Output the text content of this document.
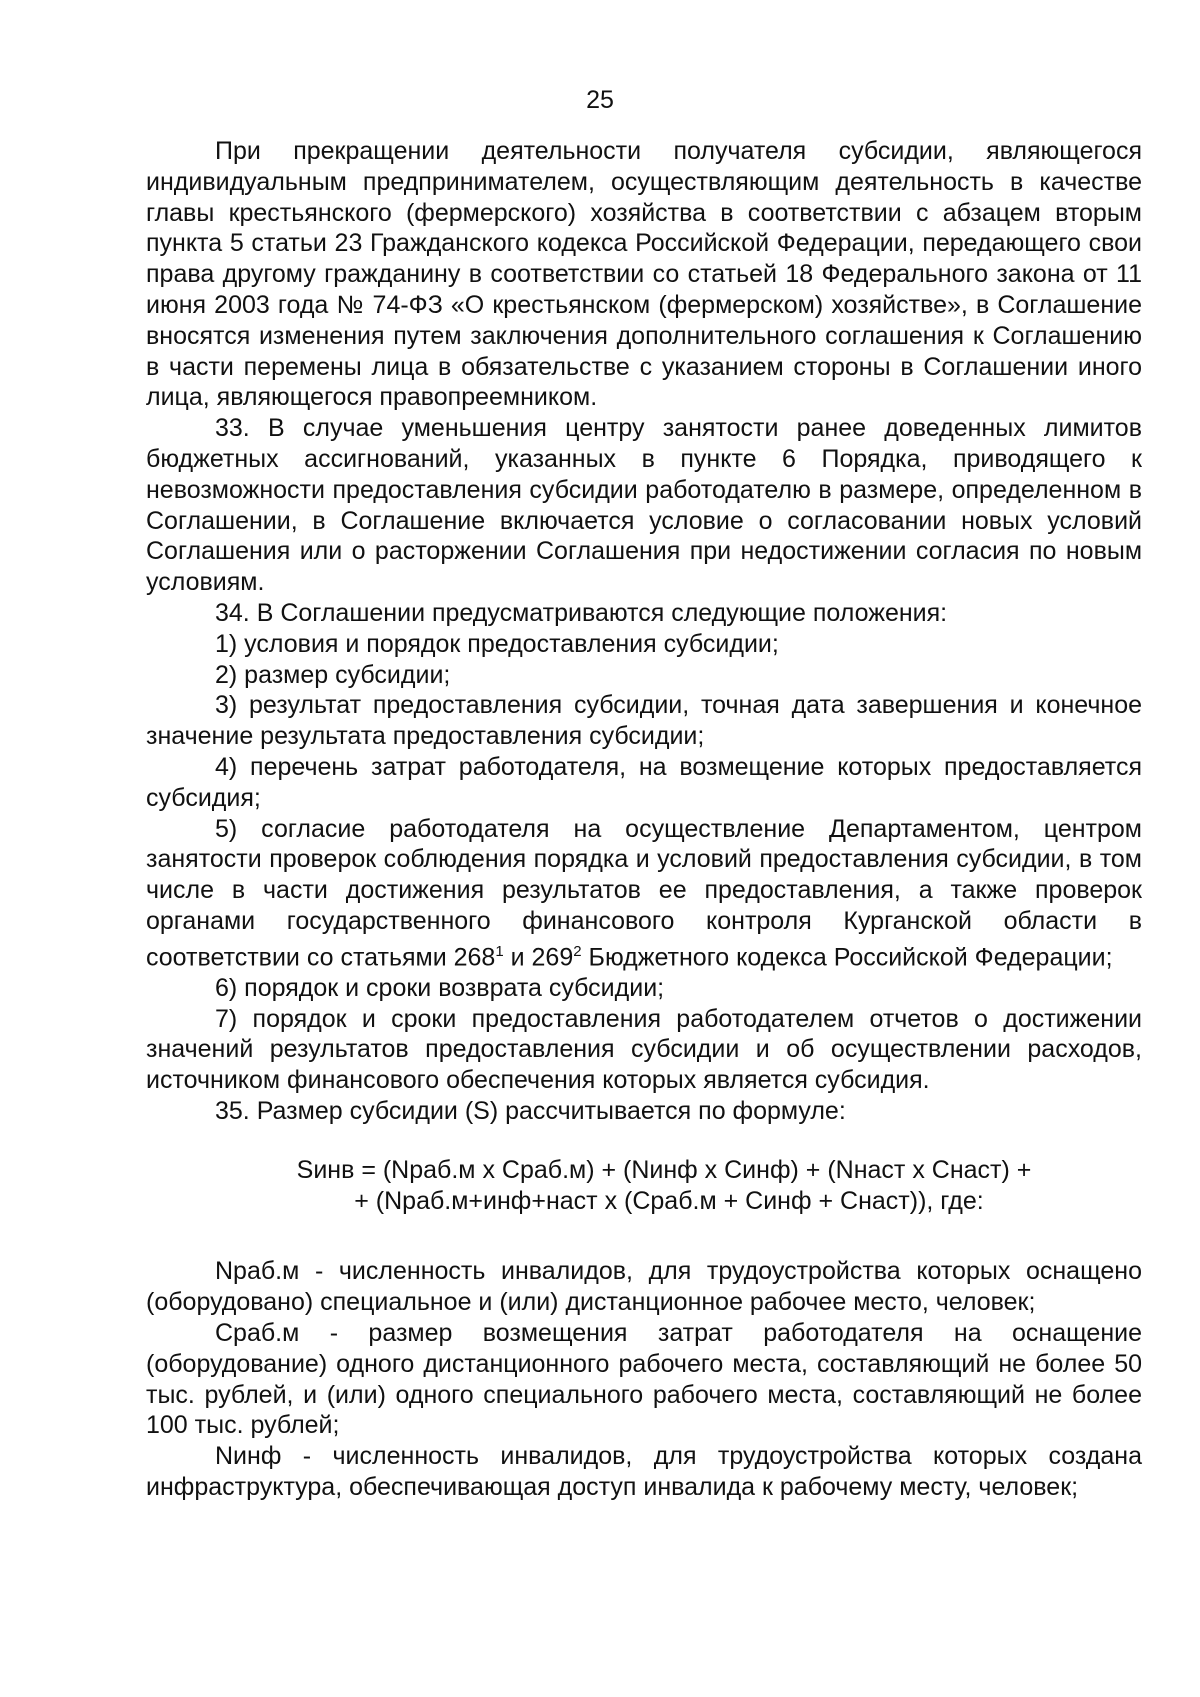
25

При прекращении деятельности получателя субсидии, являющегося индивидуальным предпринимателем, осуществляющим деятельность в качестве главы крестьянского (фермерского) хозяйства в соответствии с абзацем вторым пункта 5 статьи 23 Гражданского кодекса Российской Федерации, передающего свои права другому гражданину в соответствии со статьей 18 Федерального закона от 11 июня 2003 года № 74-ФЗ «О крестьянском (фермерском) хозяйстве», в Соглашение вносятся изменения путем заключения дополнительного соглашения к Соглашению в части перемены лица в обязательстве с указанием стороны в Соглашении иного лица, являющегося правопреемником.

33. В случае уменьшения центру занятости ранее доведенных лимитов бюджетных ассигнований, указанных в пункте 6 Порядка, приводящего к невозможности предоставления субсидии работодателю в размере, определенном в Соглашении, в Соглашение включается условие о согласовании новых условий Соглашения или о расторжении Соглашения при недостижении согласия по новым условиям.

34. В Соглашении предусматриваются следующие положения:

1) условия и порядок предоставления субсидии;

2) размер субсидии;

3) результат предоставления субсидии, точная дата завершения и конечное значение результата предоставления субсидии;

4) перечень затрат работодателя, на возмещение которых предоставляется субсидия;

5) согласие работодателя на осуществление Департаментом, центром занятости проверок соблюдения порядка и условий предоставления субсидии, в том числе в части достижения результатов ее предоставления, а также проверок органами государственного финансового контроля Курганской области в соответствии со статьями $268^1$ и $269^2$ Бюджетного кодекса Российской Федерации;

6) порядок и сроки возврата субсидии;

7) порядок и сроки предоставления работодателем отчетов о достижении значений результатов предоставления субсидии и об осуществлении расходов, источником финансового обеспечения которых является субсидия.

35. Размер субсидии (S) рассчитывается по формуле:

Sинв = (Nраб.м x Сраб.м) + (Nинф x Синф) + (Nнаст x Снаст) +
+ (Nраб.м+инф+наст x (Сраб.м + Синф + Снаст)), где:

Nраб.м - численность инвалидов, для трудоустройства которых оснащено (оборудовано) специальное и (или) дистанционное рабочее место, человек;

Сраб.м - размер возмещения затрат работодателя на оснащение (оборудование) одного дистанционного рабочего места, составляющий не более 50 тыс. рублей, и (или) одного специального рабочего места, составляющий не более 100 тыс. рублей;

Nинф - численность инвалидов, для трудоустройства которых создана инфраструктура, обеспечивающая доступ инвалида к рабочему месту, человек;
